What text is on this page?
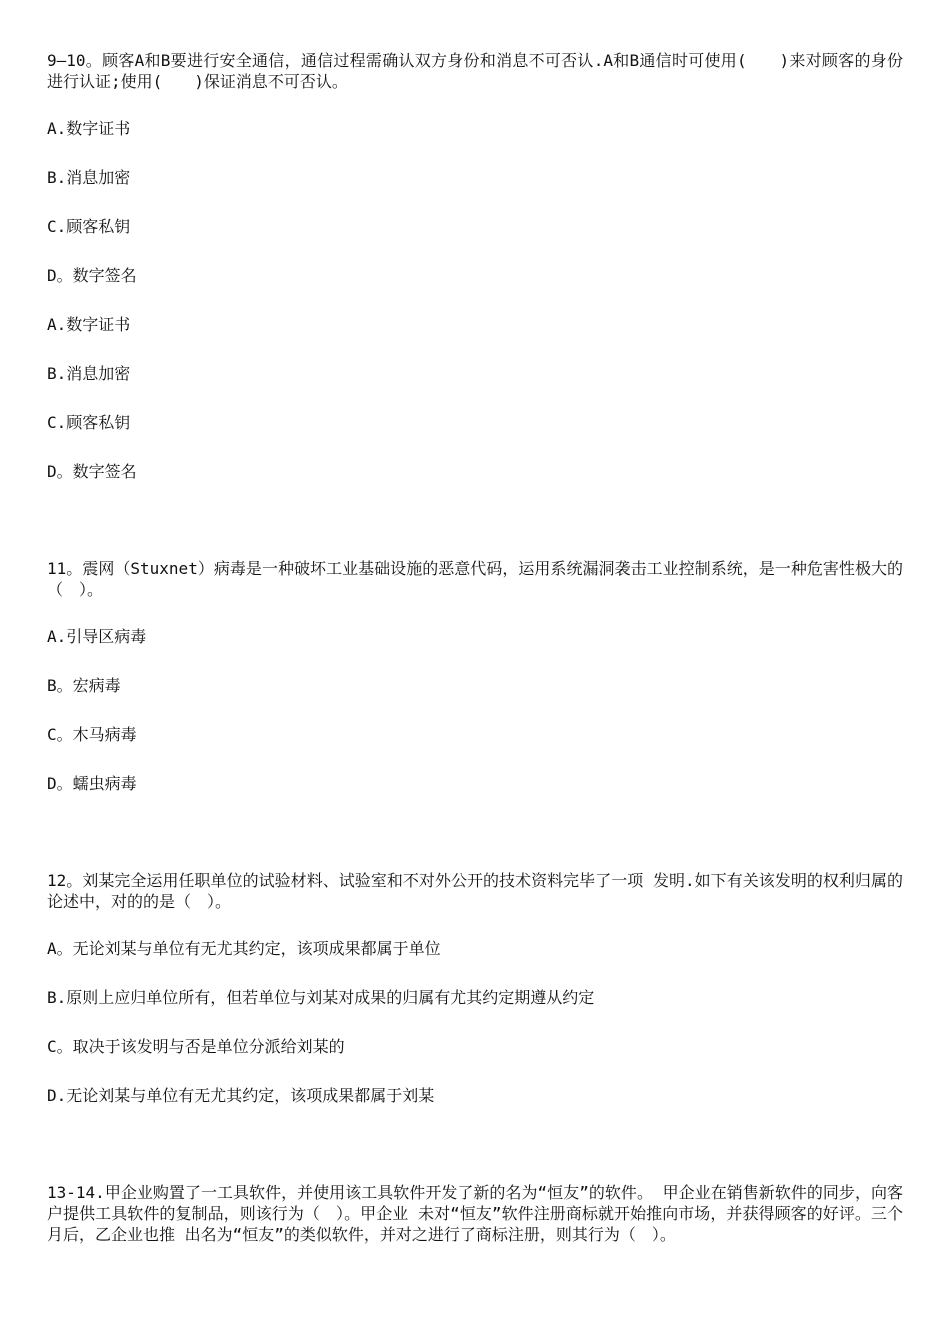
9—10。顾客A和B要进行安全通信，通信过程需确认双方身份和消息不可否认.A和B通信时可使用(　　)来对顾客的身份进行认证;使用(　　)保证消息不可否认。

A.数字证书

B.消息加密

C.顾客私钥

D。数字签名

A.数字证书

B.消息加密

C.顾客私钥

D。数字签名

11。震网（Stuxnet）病毒是一种破坏工业基础设施的恶意代码，运用系统漏洞袭击工业控制系统，是一种危害性极大的（　）。

A.引导区病毒

B。宏病毒

C。木马病毒

D。蠕虫病毒

12。刘某完全运用任职单位的试验材料、试验室和不对外公开的技术资料完毕了一项 发明.如下有关该发明的权利归属的论述中，对的的是（　）。

A。无论刘某与单位有无尤其约定，该项成果都属于单位

B.原则上应归单位所有，但若单位与刘某对成果的归属有尤其约定期遵从约定

C。取决于该发明与否是单位分派给刘某的

D.无论刘某与单位有无尤其约定，该项成果都属于刘某

13-14.甲企业购置了一工具软件，并使用该工具软件开发了新的名为“恒友”的软件。 甲企业在销售新软件的同步，向客户提供工具软件的复制品，则该行为（　）。甲企业 未对“恒友”软件注册商标就开始推向市场，并获得顾客的好评。三个月后，乙企业也推 出名为“恒友”的类似软件，并对之进行了商标注册，则其行为（　）。
